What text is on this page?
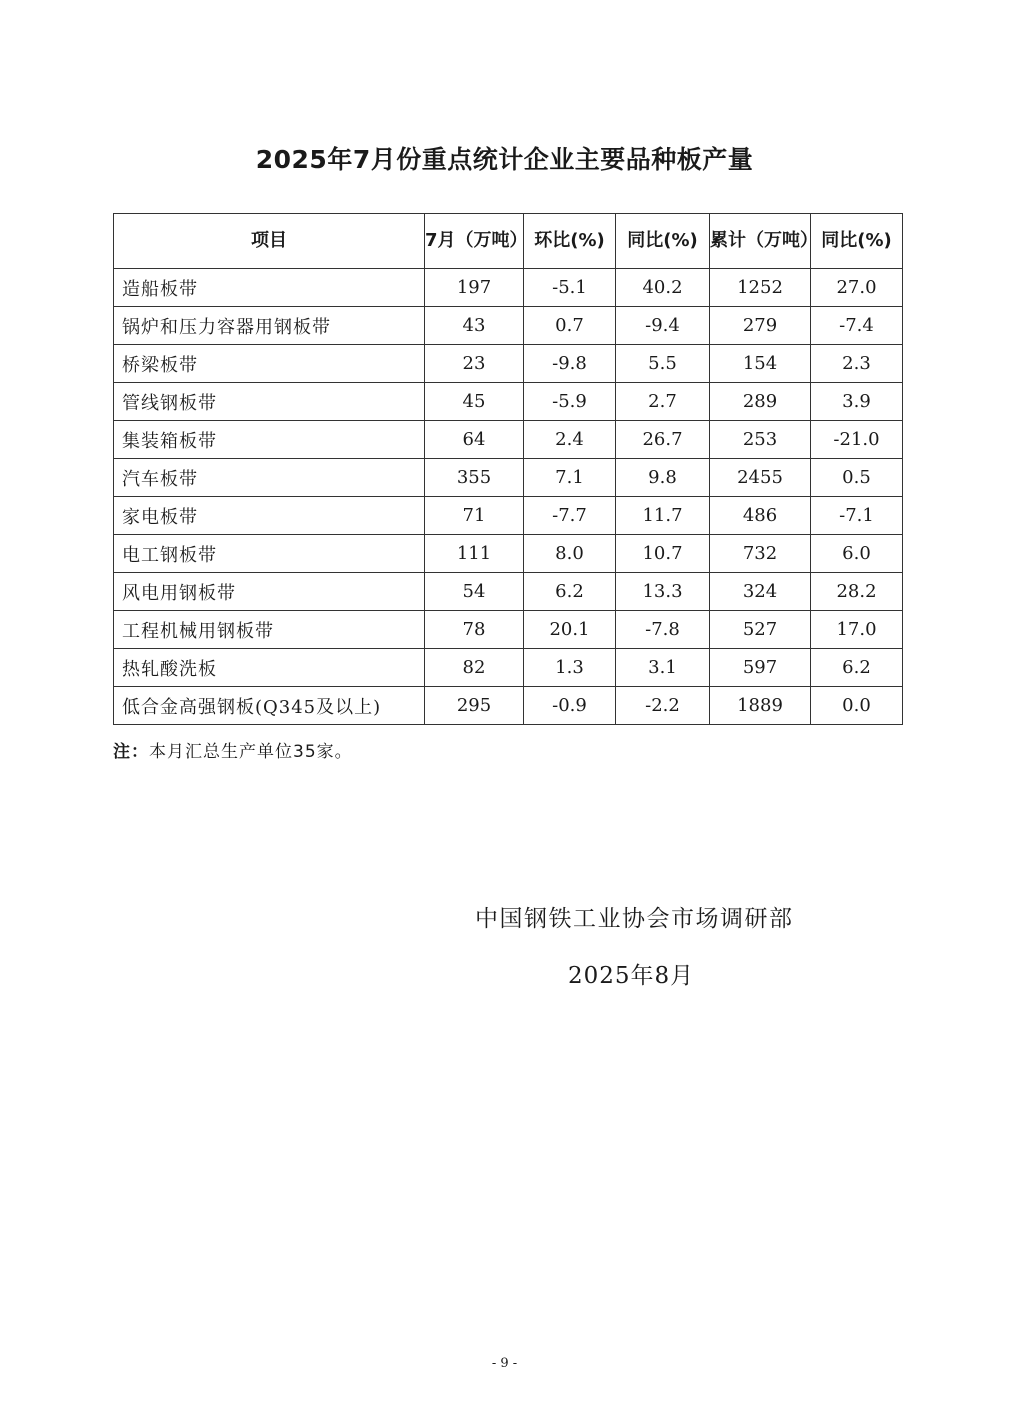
2025年7月份重点统计企业主要品种板产量
项目	7月（万吨）	环比(%)	同比(%)	累计（万吨）	同比(%)
造船板带	197	-5.1	40.2	1252	27.0
锅炉和压力容器用钢板带	43	0.7	-9.4	279	-7.4
桥梁板带	23	-9.8	5.5	154	2.3
管线钢板带	45	-5.9	2.7	289	3.9
集装箱板带	64	2.4	26.7	253	-21.0
汽车板带	355	7.1	9.8	2455	0.5
家电板带	71	-7.7	11.7	486	-7.1
电工钢板带	111	8.0	10.7	732	6.0
风电用钢板带	54	6.2	13.3	324	28.2
工程机械用钢板带	78	20.1	-7.8	527	17.0
热轧酸洗板	82	1.3	3.1	597	6.2
低合金高强钢板(Q345及以上)	295	-0.9	-2.2	1889	0.0
注：本月汇总生产单位35家。
中国钢铁工业协会市场调研部
2025年8月
- 9 -
